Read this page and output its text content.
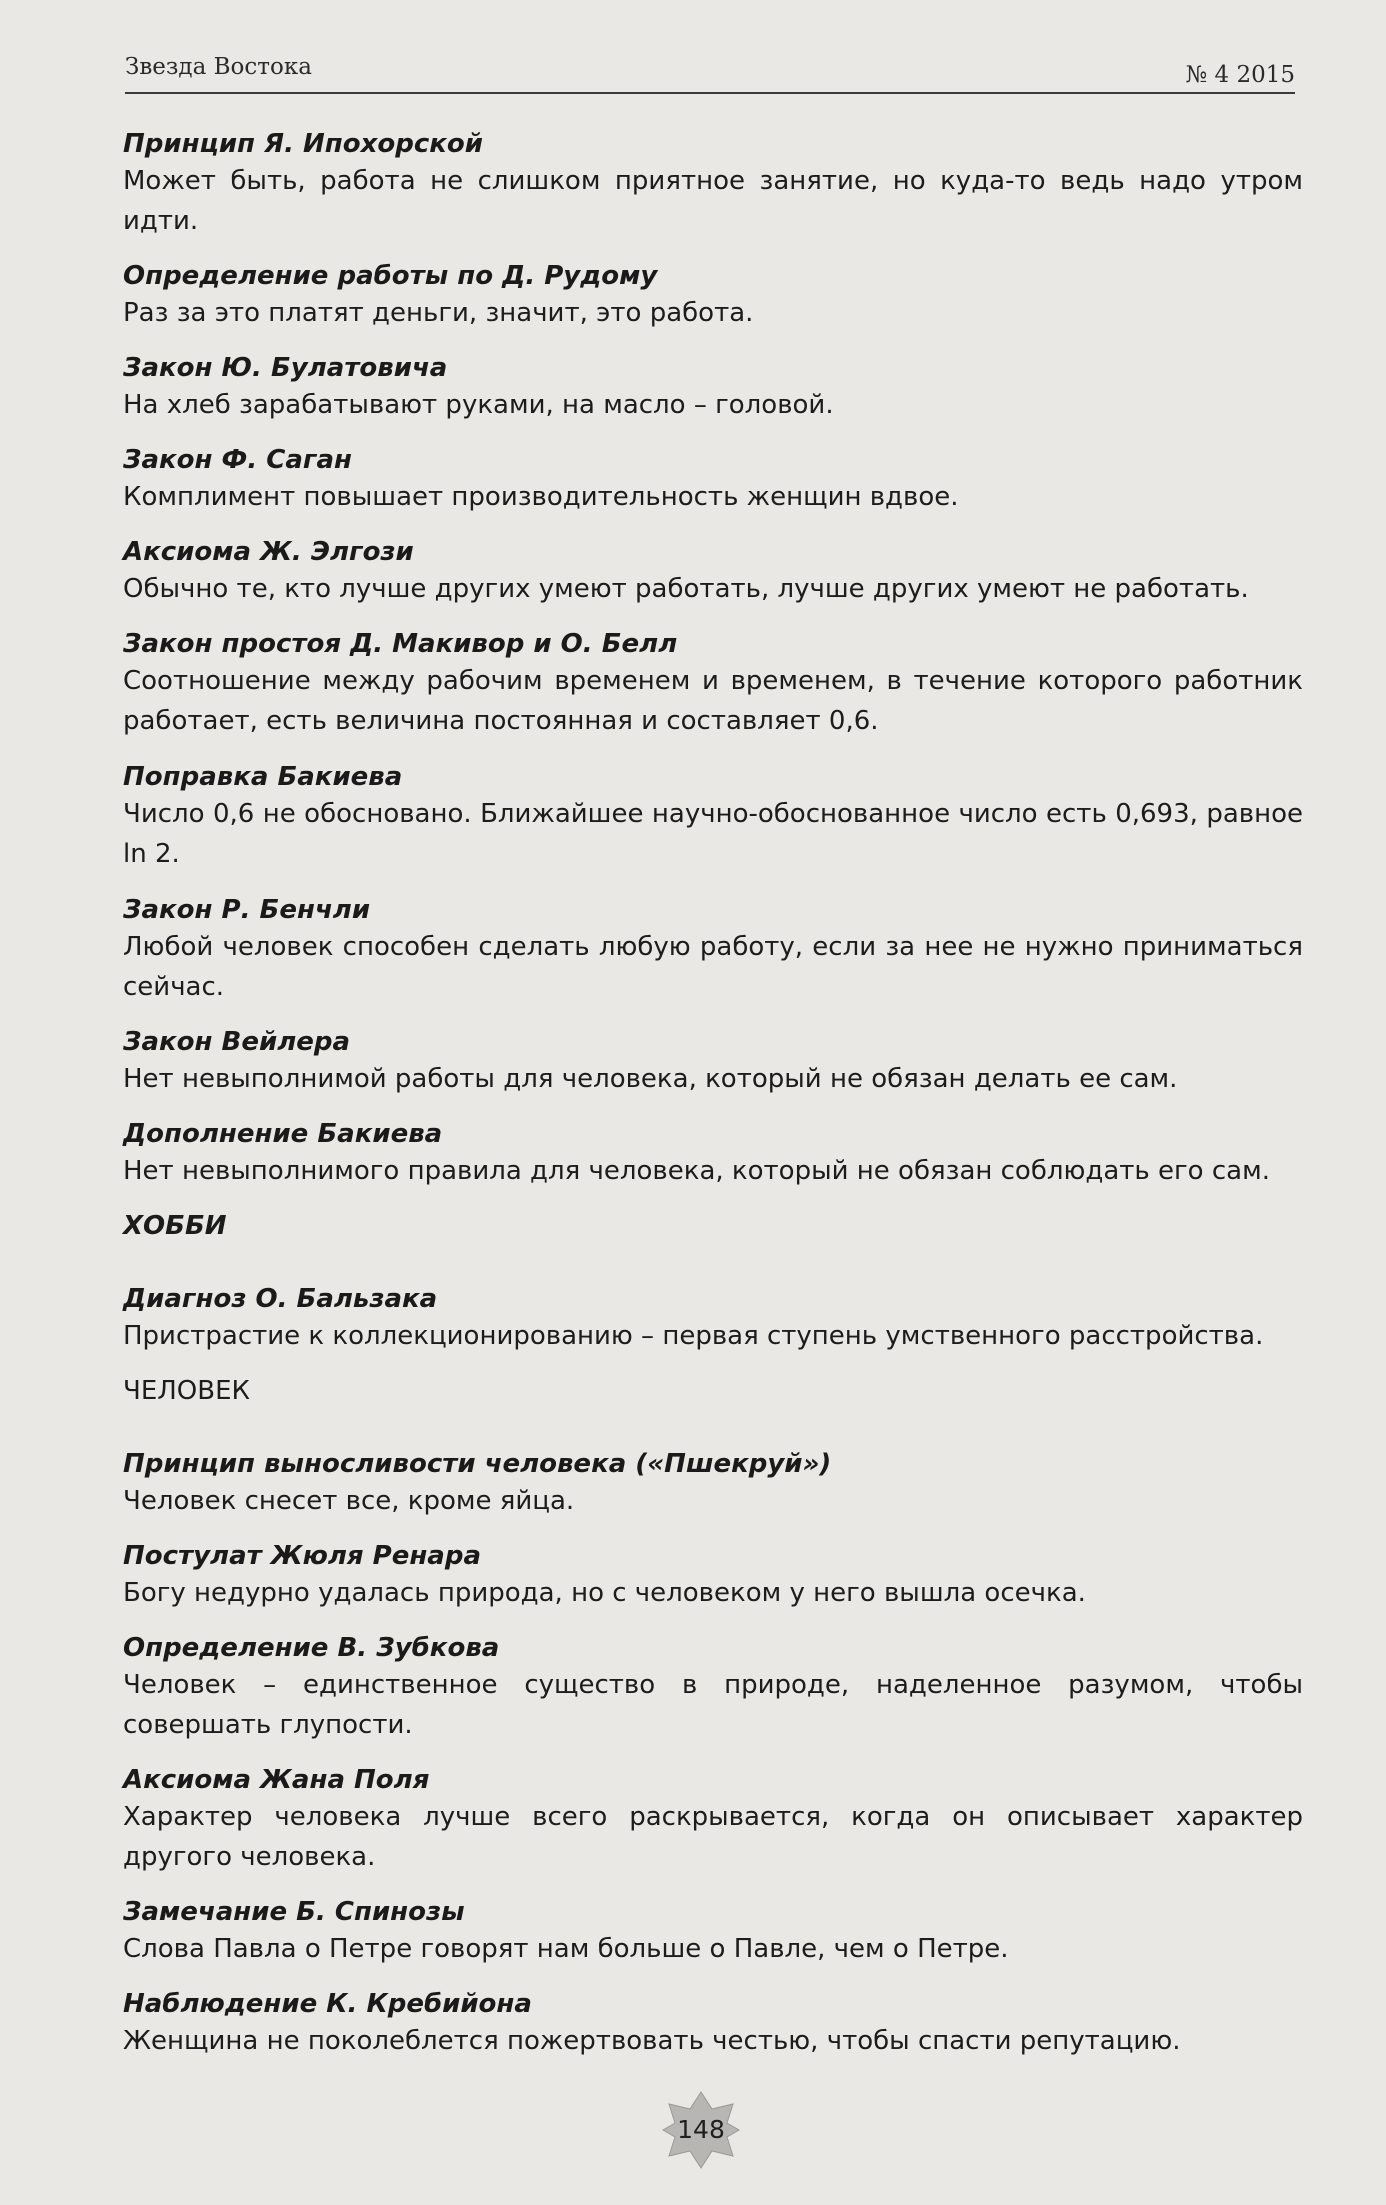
Звезда Востока	№ 4 2015
Принцип Я. Ипохорской
Может быть, работа не слишком приятное занятие, но куда-то ведь надо утром идти.
Определение работы по Д. Рудому
Раз за это платят деньги, значит, это работа.
Закон Ю. Булатовича
На хлеб зарабатывают руками, на масло – головой.
Закон Ф. Саган
Комплимент повышает производительность женщин вдвое.
Аксиома Ж. Элгози
Обычно те, кто лучше других умеют работать, лучше других умеют не работать.
Закон простоя Д. Макивор и О. Белл
Соотношение между рабочим временем и временем, в течение которого работник работает, есть величина постоянная и составляет 0,6.
Поправка Бакиева
Число 0,6 не обосновано. Ближайшее научно-обоснованное число есть 0,693, равное ln 2.
Закон Р. Бенчли
Любой человек способен сделать любую работу, если за нее не нужно приниматься сейчас.
Закон Вейлера
Нет невыполнимой работы для человека, который не обязан делать ее сам.
Дополнение Бакиева
Нет невыполнимого правила для человека, который не обязан соблюдать его сам.
ХОББИ
Диагноз О. Бальзака
Пристрастие к коллекционированию – первая ступень умственного расстройства.
ЧЕЛОВЕК
Принцип выносливости человека («Пшекруй»)
Человек снесет все, кроме яйца.
Постулат Жюля Ренара
Богу недурно удалась природа, но с человеком у него вышла осечка.
Определение В. Зубкова
Человек – единственное существо в природе, наделенное разумом, чтобы совершать глупости.
Аксиома Жана Поля
Характер человека лучше всего раскрывается, когда он описывает характер другого человека.
Замечание Б. Спинозы
Слова Павла о Петре говорят нам больше о Павле, чем о Петре.
Наблюдение К. Кребийона
Женщина не поколеблется пожертвовать честью, чтобы спасти репутацию.
148
